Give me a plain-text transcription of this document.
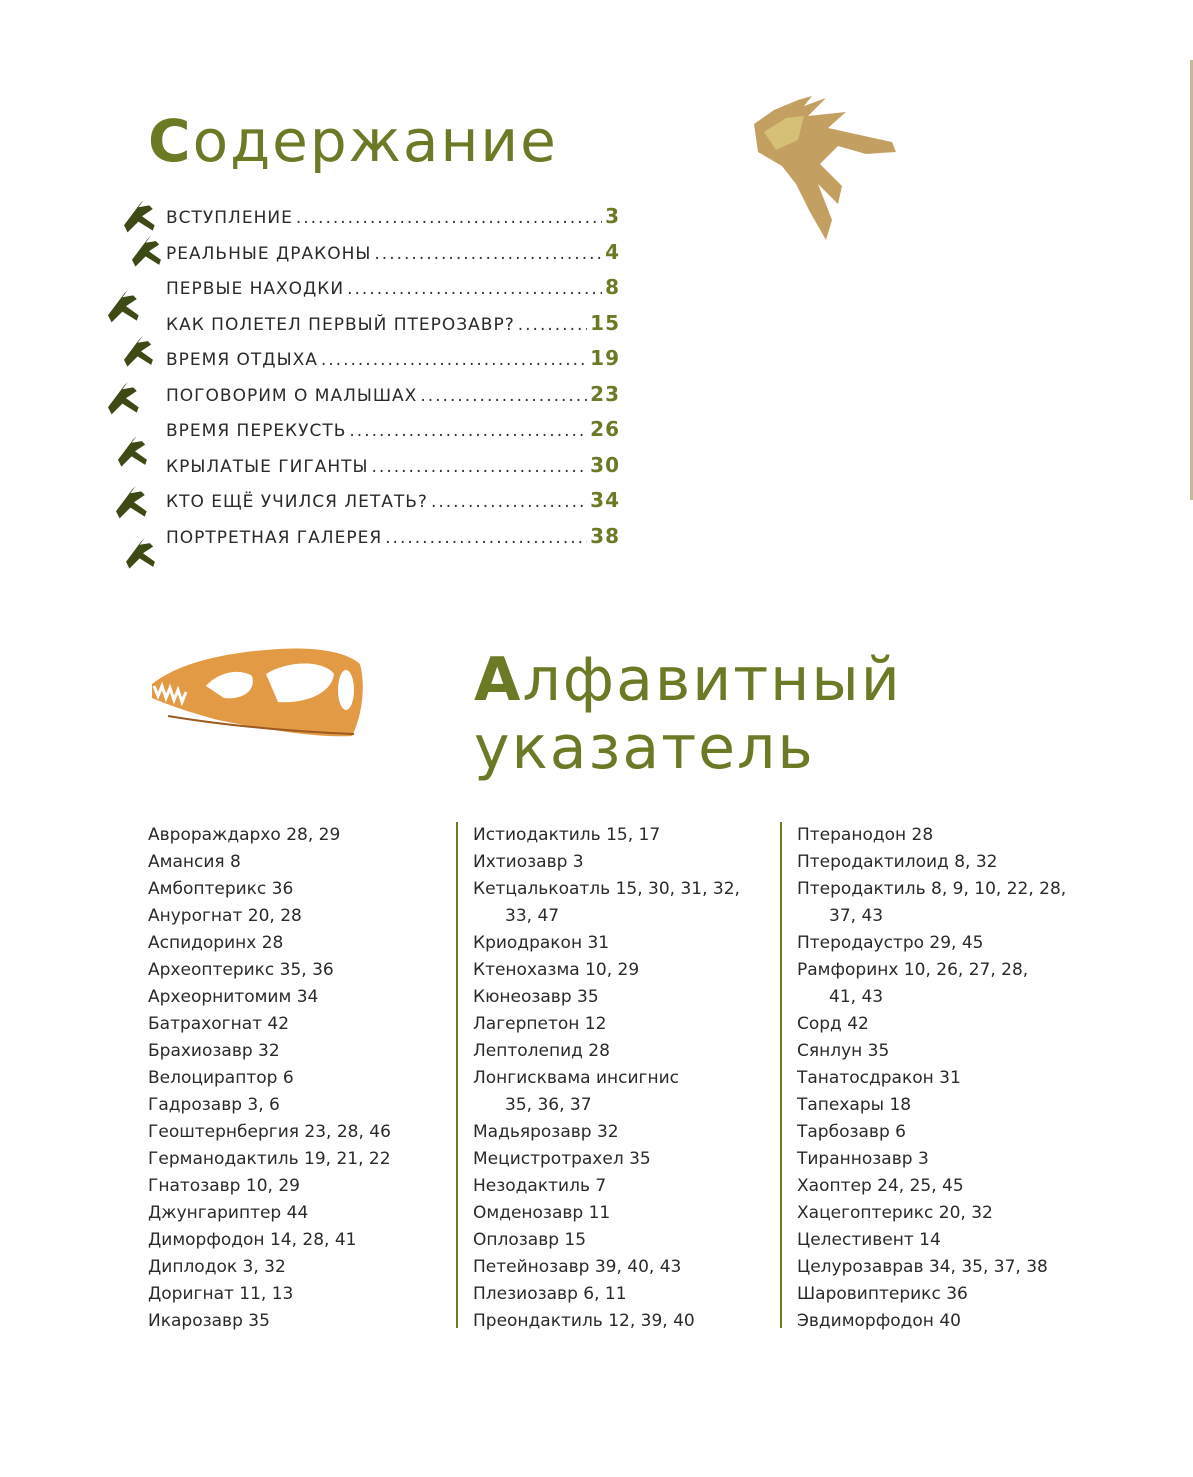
Содержание
ВСТУПЛЕНИЕ .....	3
РЕАЛЬНЫЕ ДРАКОНЫ .....	4
ПЕРВЫЕ НАХОДКИ .....	8
КАК ПОЛЕТЕЛ ПЕРВЫЙ ПТЕРОЗАВР? .....	15
ВРЕМЯ ОТДЫХА .....	19
ПОГОВОРИМ О МАЛЫШАХ .....	23
ВРЕМЯ ПЕРЕКУСТЬ .....	26
КРЫЛАТЫЕ ГИГАНТЫ .....	30
КТО ЕЩЁ УЧИЛСЯ ЛЕТАТЬ? .....	34
ПОРТРЕТНАЯ ГАЛЕРЕЯ .....	38
Алфавитный
указатель
Аврораждархо 28, 29
Амансия 8
Амбоптерикс 36
Анурогнат 20, 28
Аспидоринх 28
Археоптерикс 35, 36
Археорнитомим 34
Батрахогнат 42
Брахиозавр 32
Велоцираптор 6
Гадрозавр 3, 6
Геоштернбергия 23, 28, 46
Германодактиль 19, 21, 22
Гнатозавр 10, 29
Джунгариптер 44
Диморфодон 14, 28, 41
Диплодок 3, 32
Доригнат 11, 13
Икарозавр 35
Истиодактиль 15, 17
Ихтиозавр 3
Кетцалькоатль 15, 30, 31, 32,
33, 47
Криодракон 31
Ктенохазма 10, 29
Кюнеозавр 35
Лагерпетон 12
Лептолепид 28
Лонгисквама инсигнис
35, 36, 37
Мадьярозавр 32
Мецистротрахел 35
Незодактиль 7
Омденозавр 11
Оплозавр 15
Петейнозавр 39, 40, 43
Плезиозавр 6, 11
Преондактиль 12, 39, 40
Птеранодон 28
Птеродактилоид 8, 32
Птеродактиль 8, 9, 10, 22, 28,
37, 43
Птеродаустро 29, 45
Рамфоринх 10, 26, 27, 28,
41, 43
Сорд 42
Сянлун 35
Танатосдракон 31
Тапехары 18
Тарбозавр 6
Тираннозавр 3
Хаоптер 24, 25, 45
Хацегоптерикс 20, 32
Целестивент 14
Целурозаврав 34, 35, 37, 38
Шаровиптерикс 36
Эвдиморфодон 40
